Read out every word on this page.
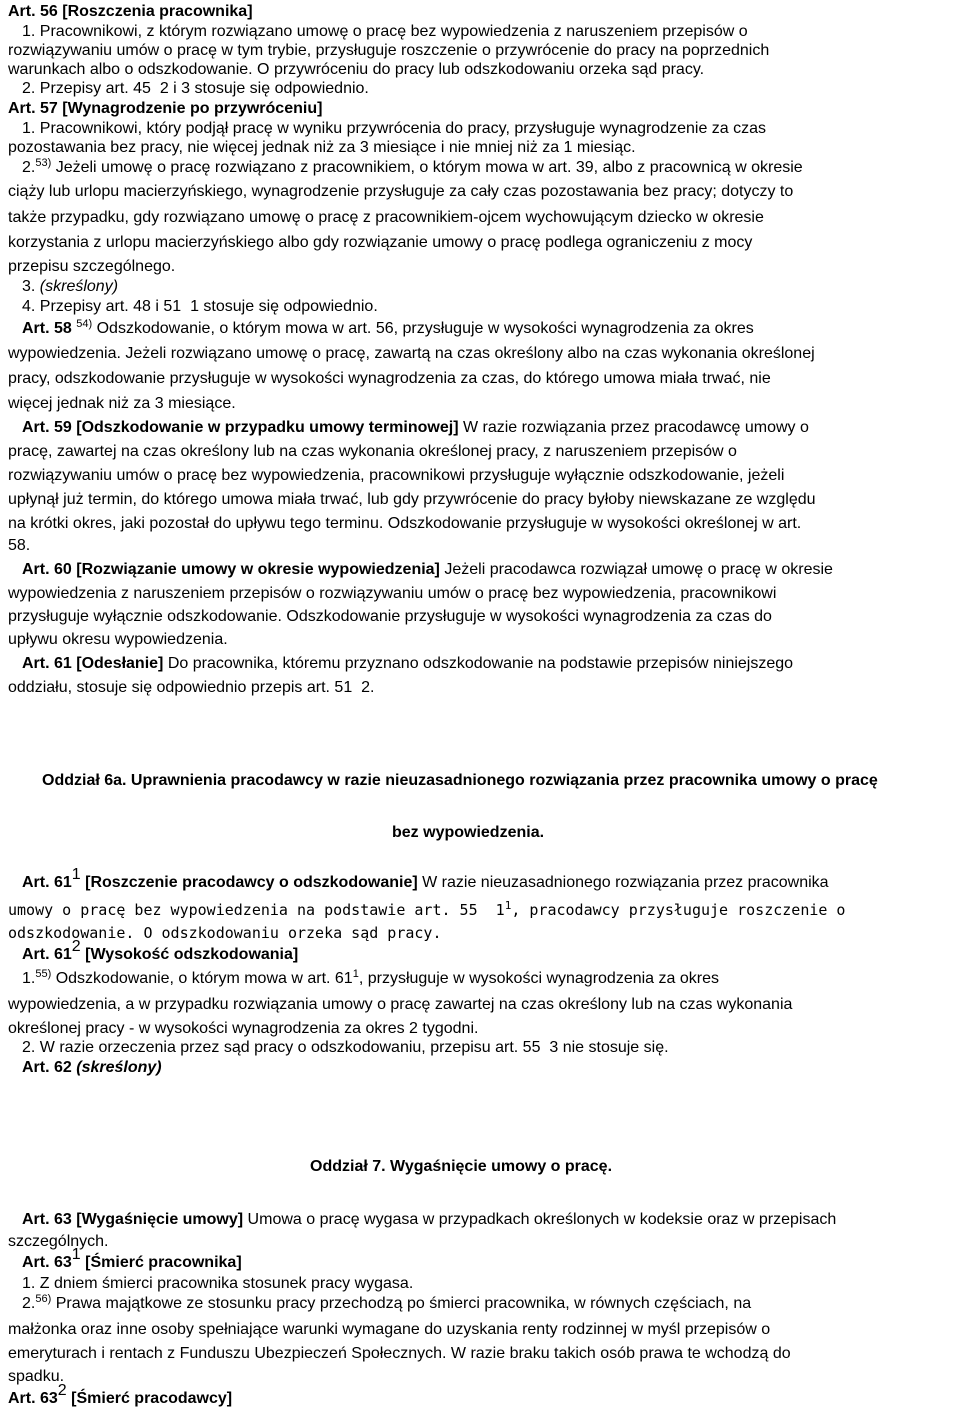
Art. 56 [Roszczenia pracownika]
1. Pracownikowi, z którym rozwiązano umowę o pracę bez wypowiedzenia z naruszeniem przepisów o
rozwiązywaniu umów o pracę w tym trybie, przysługuje roszczenie o przywrócenie do pracy na poprzednich
warunkach albo o odszkodowanie. O przywróceniu do pracy lub odszkodowaniu orzeka sąd pracy.
2. Przepisy art. 45  2 i 3 stosuje się odpowiednio.
Art. 57 [Wynagrodzenie po przywróceniu]
1. Pracownikowi, który podjął pracę w wyniku przywrócenia do pracy, przysługuje wynagrodzenie za czas
pozostawania bez pracy, nie więcej jednak niż za 3 miesiące i nie mniej niż za 1 miesiąc.
2.$^{53)}$ Jeżeli umowę o pracę rozwiązano z pracownikiem, o którym mowa w art. 39, albo z pracownicą w okresie
ciąży lub urlopu macierzyńskiego, wynagrodzenie przysługuje za cały czas pozostawania bez pracy; dotyczy to
także przypadku, gdy rozwiązano umowę o pracę z pracownikiem-ojcem wychowującym dziecko w okresie
korzystania z urlopu macierzyńskiego albo gdy rozwiązanie umowy o pracę podlega ograniczeniu z mocy
przepisu szczególnego.
3. (skreślony)
4. Przepisy art. 48 i 51  1 stosuje się odpowiednio.
Art. 58 $^{54)}$ Odszkodowanie, o którym mowa w art. 56, przysługuje w wysokości wynagrodzenia za okres
wypowiedzenia. Jeżeli rozwiązano umowę o pracę, zawartą na czas określony albo na czas wykonania określonej
pracy, odszkodowanie przysługuje w wysokości wynagrodzenia za czas, do którego umowa miała trwać, nie
więcej jednak niż za 3 miesiące.
Art. 59 [Odszkodowanie w przypadku umowy terminowej] W razie rozwiązania przez pracodawcę umowy o
pracę, zawartej na czas określony lub na czas wykonania określonej pracy, z naruszeniem przepisów o
rozwiązywaniu umów o pracę bez wypowiedzenia, pracownikowi przysługuje wyłącznie odszkodowanie, jeżeli
upłynął już termin, do którego umowa miała trwać, lub gdy przywrócenie do pracy byłoby niewskazane ze względu
na krótki okres, jaki pozostał do upływu tego terminu. Odszkodowanie przysługuje w wysokości określonej w art.
58.
Art. 60 [Rozwiązanie umowy w okresie wypowiedzenia] Jeżeli pracodawca rozwiązał umowę o pracę w okresie
wypowiedzenia z naruszeniem przepisów o rozwiązywaniu umów o pracę bez wypowiedzenia, pracownikowi
przysługuje wyłącznie odszkodowanie. Odszkodowanie przysługuje w wysokości wynagrodzenia za czas do
upływu okresu wypowiedzenia.
Art. 61 [Odesłanie] Do pracownika, któremu przyznano odszkodowanie na podstawie przepisów niniejszego
oddziału, stosuje się odpowiednio przepis art. 51  2.
Oddział 6a. Uprawnienia pracodawcy w razie nieuzasadnionego rozwiązania przez pracownika umowy o pracę
bez wypowiedzenia.
Art. $61^1$ [Roszczenie pracodawcy o odszkodowanie] W razie nieuzasadnionego rozwiązania przez pracownika
umowy o pracę bez wypowiedzenia na podstawie art. 55  $1^1$, pracodawcy przysługuje roszczenie o
odszkodowanie. O odszkodowaniu orzeka sąd pracy.
Art. $61^2$ [Wysokość odszkodowania]
1.$^{55)}$ Odszkodowanie, o którym mowa w art. $61^1$, przysługuje w wysokości wynagrodzenia za okres
wypowiedzenia, a w przypadku rozwiązania umowy o pracę zawartej na czas określony lub na czas wykonania
określonej pracy - w wysokości wynagrodzenia za okres 2 tygodni.
2. W razie orzeczenia przez sąd pracy o odszkodowaniu, przepisu art. 55  3 nie stosuje się.
Art. 62 (skreślony)
Oddział 7. Wygaśnięcie umowy o pracę.
Art. 63 [Wygaśnięcie umowy] Umowa o pracę wygasa w przypadkach określonych w kodeksie oraz w przepisach
szczególnych.
Art. $63^1$ [Śmierć pracownika]
1. Z dniem śmierci pracownika stosunek pracy wygasa.
2.$^{56)}$ Prawa majątkowe ze stosunku pracy przechodzą po śmierci pracownika, w równych częściach, na
małżonka oraz inne osoby spełniające warunki wymagane do uzyskania renty rodzinnej w myśl przepisów o
emeryturach i rentach z Funduszu Ubezpieczeń Społecznych. W razie braku takich osób prawa te wchodzą do
spadku.
Art. $63^2$ [Śmierć pracodawcy]
